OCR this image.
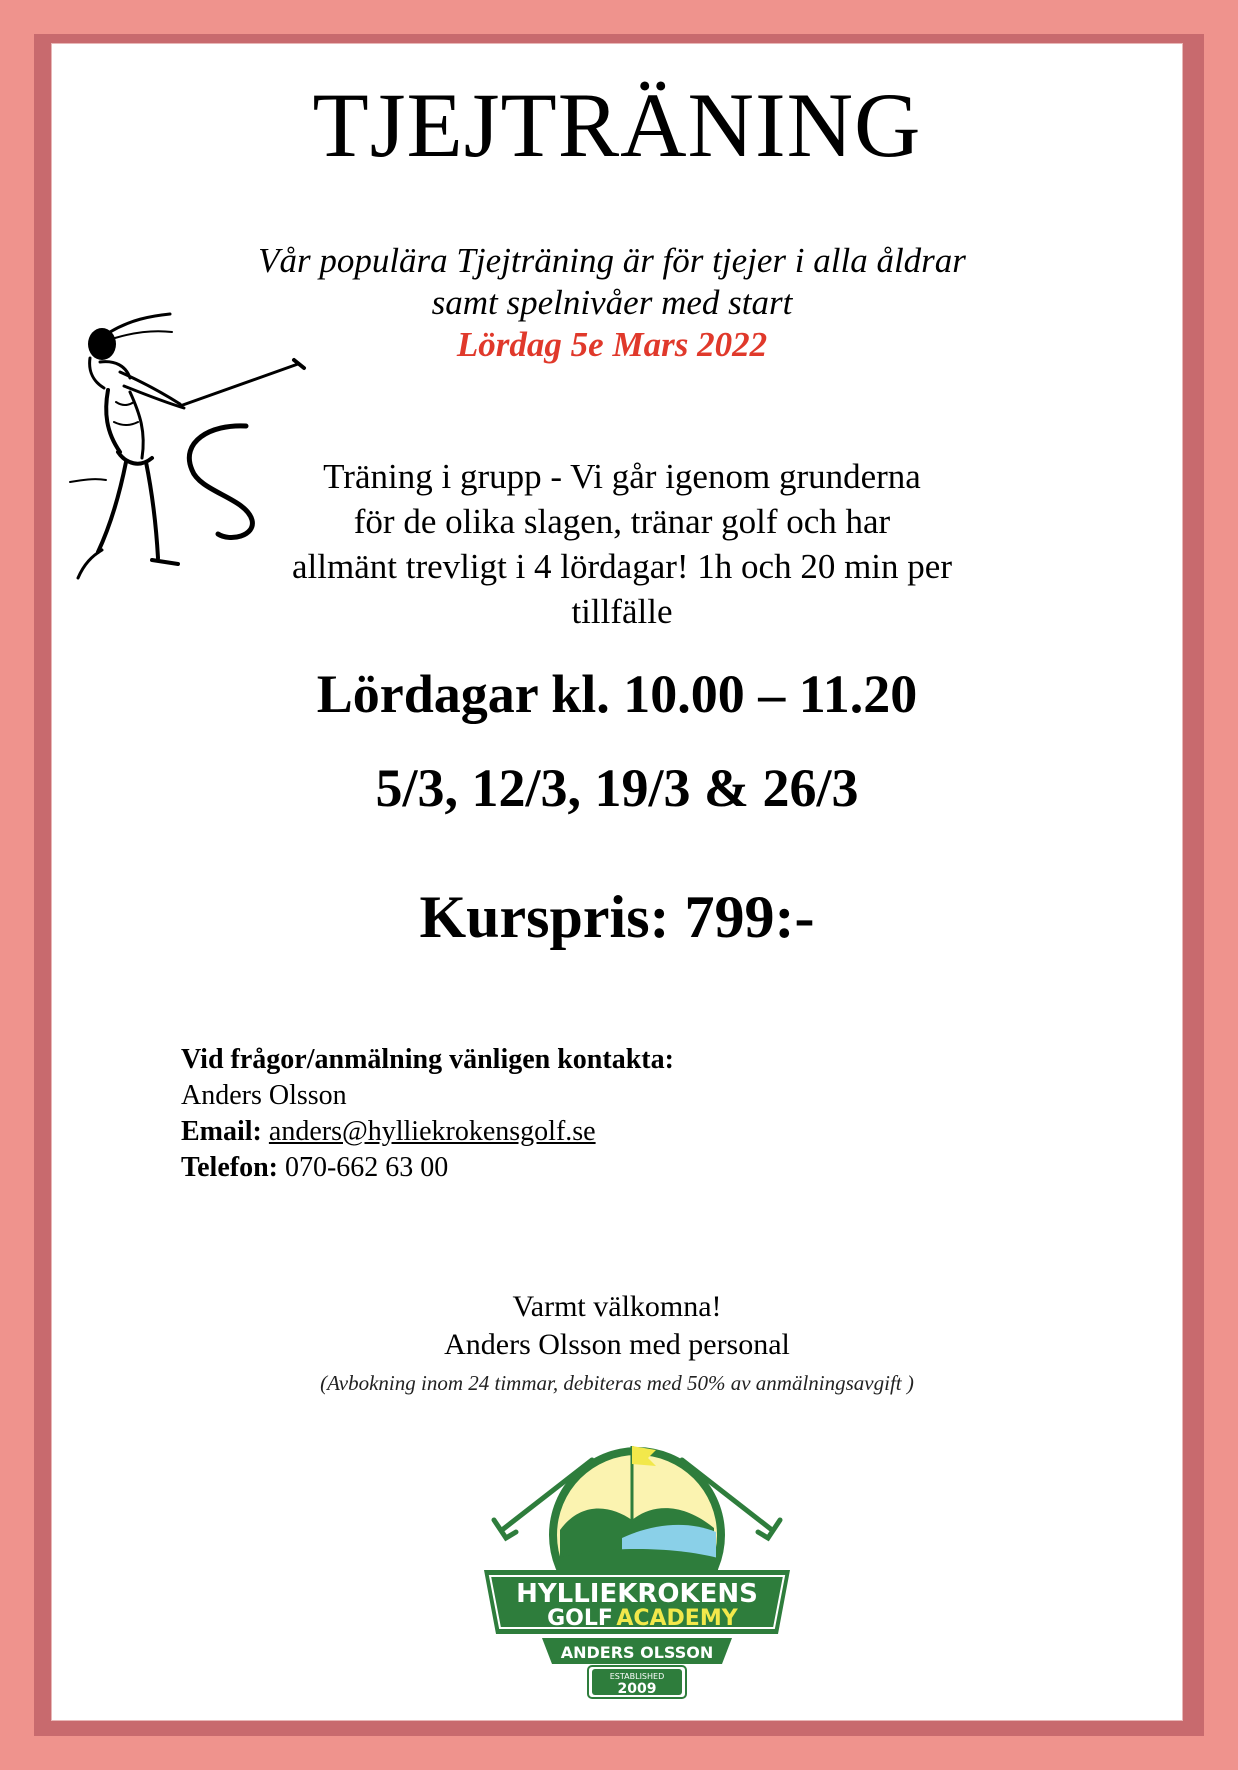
TJEJTRÄNING
Vår populära Tjejträning är för tjejer i alla åldrar
samt spelnivåer med start
Lördag 5e Mars 2022
Träning i grupp - Vi går igenom grunderna
för de olika slagen, tränar golf och har
allmänt trevligt i 4 lördagar! 1h och 20 min per
tillfälle
Lördagar kl. 10.00 – 11.20
5/3, 12/3, 19/3 & 26/3
Kurspris: 799:-
Vid frågor/anmälning vänligen kontakta:
Anders Olsson
Email: anders@hylliekrokensgolf.se
Telefon: 070-662 63 00
Varmt välkomna!
Anders Olsson med personal
(Avbokning inom 24 timmar, debiteras med 50% av anmälningsavgift )
HYLLIEKROKENS
GOLF ACADEMY
ANDERS OLSSON
ESTABLISHED
2009
